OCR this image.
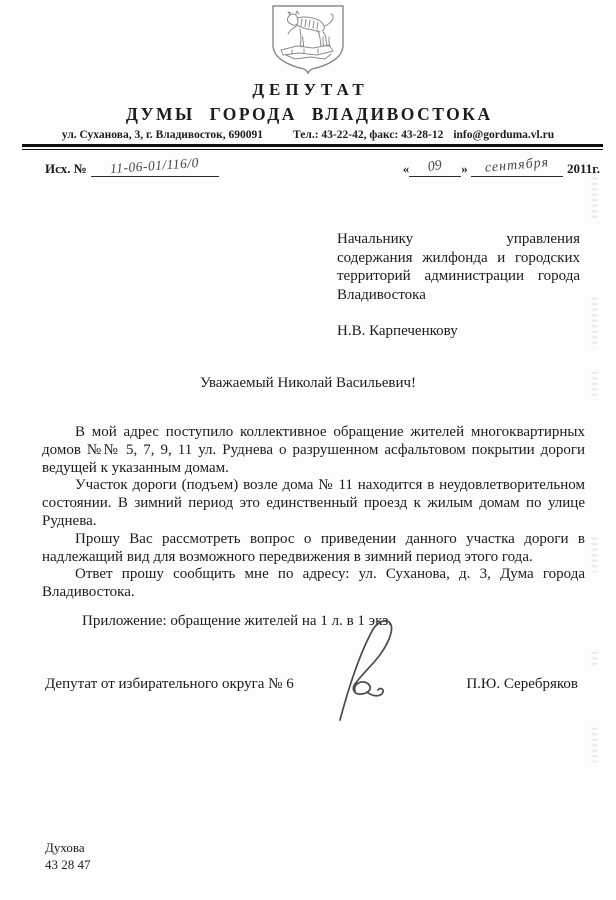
ДЕПУТАТ
ДУМЫ ГОРОДА ВЛАДИВОСТОКА
ул. Суханова, 3, г. Владивосток, 690091	Тел.: 43-22-42, факс: 43-28-12 info@gorduma.vl.ru
Исх. № 11-06-01/116/0	« 09 » сентября 2011г.
Начальнику управления
содержания жилфонда и городских
территорий администрации города
Владивостока
Н.В. Карпеченкову
Уважаемый Николай Васильевич!

В мой адрес поступило коллективное обращение жителей многоквартирных домов №№ 5, 7, 9, 11 ул. Руднева о разрушенном асфальтовом покрытии дороги ведущей к указанным домам.

Участок дороги (подъем) возле дома № 11 находится в неудовлетворительном состоянии. В зимний период это единственный проезд к жилым домам по улице Руднева.

Прошу Вас рассмотреть вопрос о приведении данного участка дороги в надлежащий вид для возможного передвижения в зимний период этого года.

Ответ прошу сообщить мне по адресу: ул. Суханова, д. 3, Дума города Владивостока.

Приложение: обращение жителей на 1 л. в 1 экз.
Депутат от избирательного округа № 6	П.Ю. Серебряков
Духова
43 28 47
